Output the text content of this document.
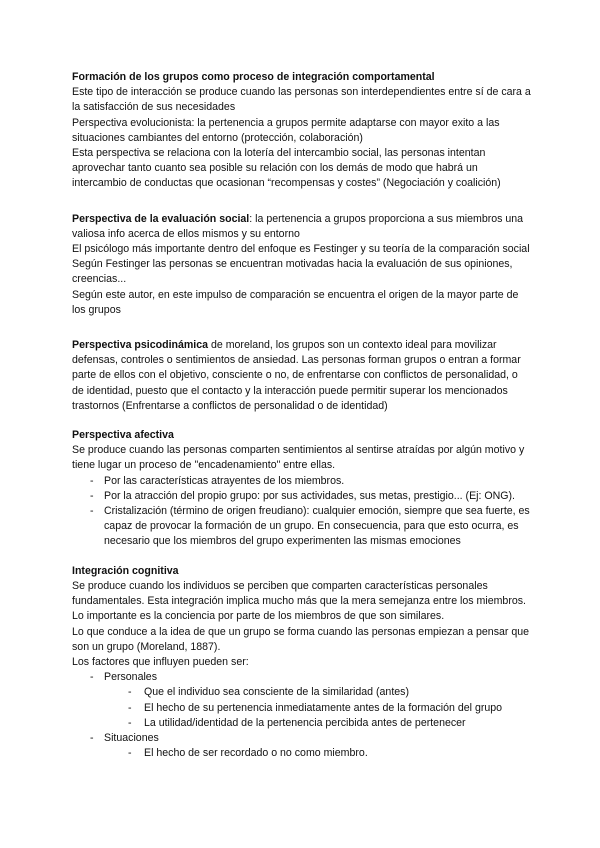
Formación de los grupos como proceso de integración comportamental

Este tipo de interacción se produce cuando las personas son interdependientes entre sí de cara a la satisfacción de sus necesidades

Perspectiva evolucionista: la pertenencia a grupos permite adaptarse con mayor exito a las situaciones cambiantes del entorno (protección, colaboración)

Esta perspectiva se relaciona con la lotería del intercambio social, las personas intentan aprovechar tanto cuanto sea posible su relación con los demás de modo que habrá un intercambio de conductas que ocasionan “recompensas y costes” (Negociación y coalición)

Perspectiva de la evaluación social: la pertenencia a grupos proporciona a sus miembros una valiosa info acerca de ellos mismos y su entorno

El psicólogo más importante dentro del enfoque es Festinger y su teoría de la comparación social

Según Festinger las personas se encuentran motivadas hacia la evaluación de sus opiniones, creencias...

Según este autor, en este impulso de comparación se encuentra el origen de la mayor parte de los grupos

Perspectiva psicodinámica de moreland, los grupos son un contexto ideal para movilizar defensas, controles o sentimientos de ansiedad. Las personas forman grupos o entran a formar parte de ellos con el objetivo, consciente o no, de enfrentarse con conflictos de personalidad, o de identidad, puesto que el contacto y la interacción puede permitir superar los mencionados trastornos (Enfrentarse a conflictos de personalidad o de identidad)

Perspectiva afectiva

Se produce cuando las personas comparten sentimientos al sentirse atraídas por algún motivo y tiene lugar un proceso de "encadenamiento" entre ellas.

- Por las características atrayentes de los miembros.
- Por la atracción del propio grupo: por sus actividades, sus metas, prestigio... (Ej: ONG).
- Cristalización (término de origen freudiano): cualquier emoción, siempre que sea fuerte, es capaz de provocar la formación de un grupo. En consecuencia, para que esto ocurra, es necesario que los miembros del grupo experimenten las mismas emociones

Integración cognitiva

Se produce cuando los individuos se perciben que comparten características personales fundamentales. Esta integración implica mucho más que la mera semejanza entre los miembros. Lo importante es la conciencia por parte de los miembros de que son similares.

Lo que conduce a la idea de que un grupo se forma cuando las personas empiezan a pensar que son un grupo (Moreland, 1887).

Los factores que influyen pueden ser:

- Personales
- Que el individuo sea consciente de la similaridad (antes)
- El hecho de su pertenencia inmediatamente antes de la formación del grupo
- La utilidad/identidad de la pertenencia percibida antes de pertenecer
- Situaciones
- El hecho de ser recordado o no como miembro.
